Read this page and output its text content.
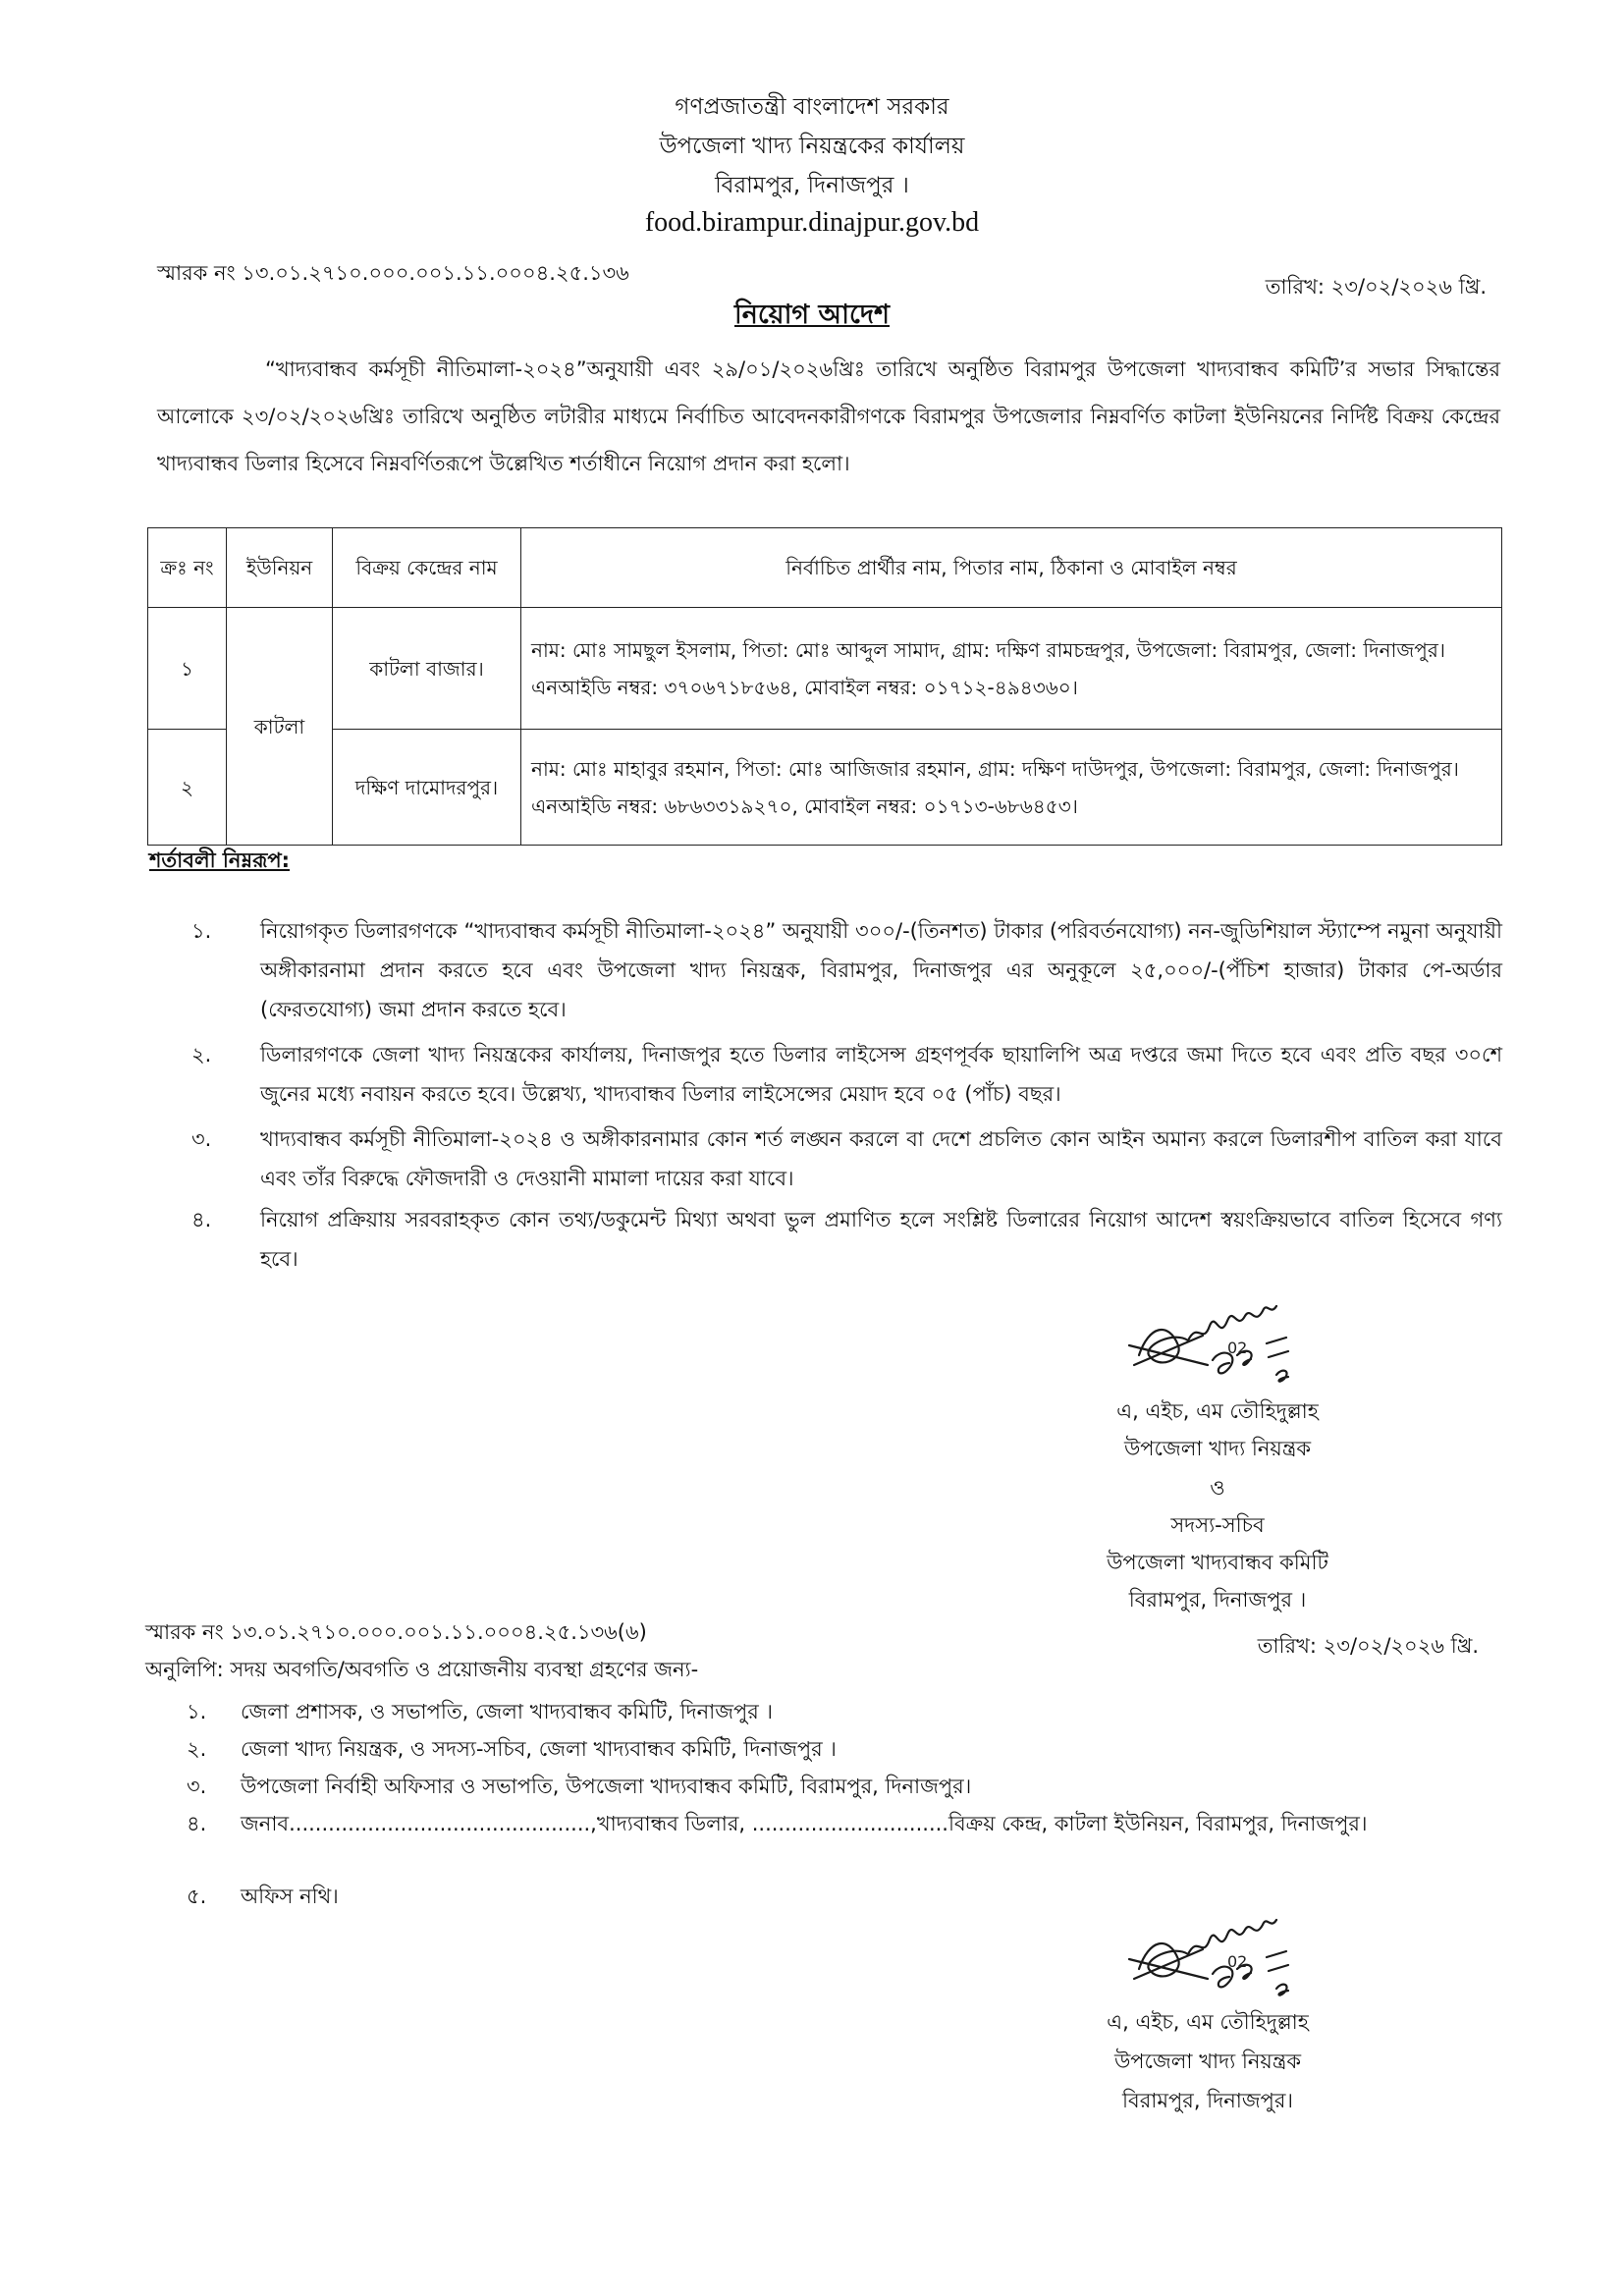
গণপ্রজাতন্ত্রী বাংলাদেশ সরকার
উপজেলা খাদ্য নিয়ন্ত্রকের কার্যালয়
বিরামপুর, দিনাজপুর ।
food.birampur.dinajpur.gov.bd
স্মারক নং ১৩.০১.২৭১০.০০০.০০১.১১.০০০৪.২৫.১৩৬
তারিখ: ২৩/০২/২০২৬ খ্রি.
নিয়োগ আদেশ
“খাদ্যবান্ধব কর্মসূচী নীতিমালা-২০২৪”অনুযায়ী এবং ২৯/০১/২০২৬খ্রিঃ তারিখে অনুষ্ঠিত বিরামপুর উপজেলা খাদ্যবান্ধব কমিটি’র সভার সিদ্ধান্তের আলোকে ২৩/০২/২০২৬খ্রিঃ তারিখে অনুষ্ঠিত লটারীর মাধ্যমে নির্বাচিত আবেদনকারীগণকে বিরামপুর উপজেলার নিম্নবর্ণিত কাটলা ইউনিয়নের নির্দিষ্ট বিক্রয় কেন্দ্রের খাদ্যবান্ধব ডিলার হিসেবে নিম্নবর্ণিতরূপে উল্লেখিত শর্তাধীনে নিয়োগ প্রদান করা হলো।
ক্রঃ নং	ইউনিয়ন	বিক্রয় কেন্দ্রের নাম	নির্বাচিত প্রার্থীর নাম, পিতার নাম, ঠিকানা ও মোবাইল নম্বর
১	কাটলা	কাটলা বাজার।	নাম: মোঃ সামছুল ইসলাম, পিতা: মোঃ আব্দুল সামাদ, গ্রাম: দক্ষিণ রামচন্দ্রপুর, উপজেলা: বিরামপুর, জেলা: দিনাজপুর। এনআইডি নম্বর: ৩৭০৬৭১৮৫৬৪, মোবাইল নম্বর: ০১৭১২-৪৯৪৩৬০।
২		দক্ষিণ দামোদরপুর।	নাম: মোঃ মাহাবুর রহমান, পিতা: মোঃ আজিজার রহমান, গ্রাম: দক্ষিণ দাউদপুর, উপজেলা: বিরামপুর, জেলা: দিনাজপুর। এনআইডি নম্বর: ৬৮৬৩৩১৯২৭০, মোবাইল নম্বর: ০১৭১৩-৬৮৬৪৫৩।
শর্তাবলী নিম্নরূপ:
১.	নিয়োগকৃত ডিলারগণকে “খাদ্যবান্ধব কর্মসূচী নীতিমালা-২০২৪” অনুযায়ী ৩০০/-(তিনশত) টাকার (পরিবর্তনযোগ্য) নন-জুডিশিয়াল স্ট্যাম্পে নমুনা অনুযায়ী অঙ্গীকারনামা প্রদান করতে হবে এবং উপজেলা খাদ্য নিয়ন্ত্রক, বিরামপুর, দিনাজপুর এর অনুকূলে ২৫,০০০/-(পঁচিশ হাজার) টাকার পে-অর্ডার (ফেরতযোগ্য) জমা প্রদান করতে হবে।
২.	ডিলারগণকে জেলা খাদ্য নিয়ন্ত্রকের কার্যালয়, দিনাজপুর হতে ডিলার লাইসেন্স গ্রহণপূর্বক ছায়ালিপি অত্র দপ্তরে জমা দিতে হবে এবং প্রতি বছর ৩০শে জুনের মধ্যে নবায়ন করতে হবে। উল্লেখ্য, খাদ্যবান্ধব ডিলার লাইসেন্সের মেয়াদ হবে ০৫ (পাঁচ) বছর।
৩.	খাদ্যবান্ধব কর্মসূচী নীতিমালা-২০২৪ ও অঙ্গীকারনামার কোন শর্ত লঙ্ঘন করলে বা দেশে প্রচলিত কোন আইন অমান্য করলে ডিলারশীপ বাতিল করা যাবে এবং তাঁর বিরুদ্ধে ফৌজদারী ও দেওয়ানী মামালা দায়ের করা যাবে।
৪.	নিয়োগ প্রক্রিয়ায় সরবরাহকৃত কোন তথ্য/ডকুমেন্ট মিথ্যা অথবা ভুল প্রমাণিত হলে সংশ্লিষ্ট ডিলারের নিয়োগ আদেশ স্বয়ংক্রিয়ভাবে বাতিল হিসেবে গণ্য হবে।
02
এ, এইচ, এম তৌহিদুল্লাহ
উপজেলা খাদ্য নিয়ন্ত্রক
ও
সদস্য-সচিব
উপজেলা খাদ্যবান্ধব কমিটি
বিরামপুর, দিনাজপুর ।
স্মারক নং ১৩.০১.২৭১০.০০০.০০১.১১.০০০৪.২৫.১৩৬(৬)
তারিখ: ২৩/০২/২০২৬ খ্রি.
অনুলিপি: সদয় অবগতি/অবগতি ও প্রয়োজনীয় ব্যবস্থা গ্রহণের জন্য-
১.	জেলা প্রশাসক, ও সভাপতি, জেলা খাদ্যবান্ধব কমিটি, দিনাজপুর ।
২.	জেলা খাদ্য নিয়ন্ত্রক, ও সদস্য-সচিব, জেলা খাদ্যবান্ধব কমিটি, দিনাজপুর ।
৩.	উপজেলা নির্বাহী অফিসার ও সভাপতি, উপজেলা খাদ্যবান্ধব কমিটি, বিরামপুর, দিনাজপুর।
৪.	জনাব..............................................,খাদ্যবান্ধব ডিলার, ..............................বিক্রয় কেন্দ্র, কাটলা ইউনিয়ন, বিরামপুর, দিনাজপুর।
৫.	অফিস নথি।
02
এ, এইচ, এম তৌহিদুল্লাহ
উপজেলা খাদ্য নিয়ন্ত্রক
বিরামপুর, দিনাজপুর।
